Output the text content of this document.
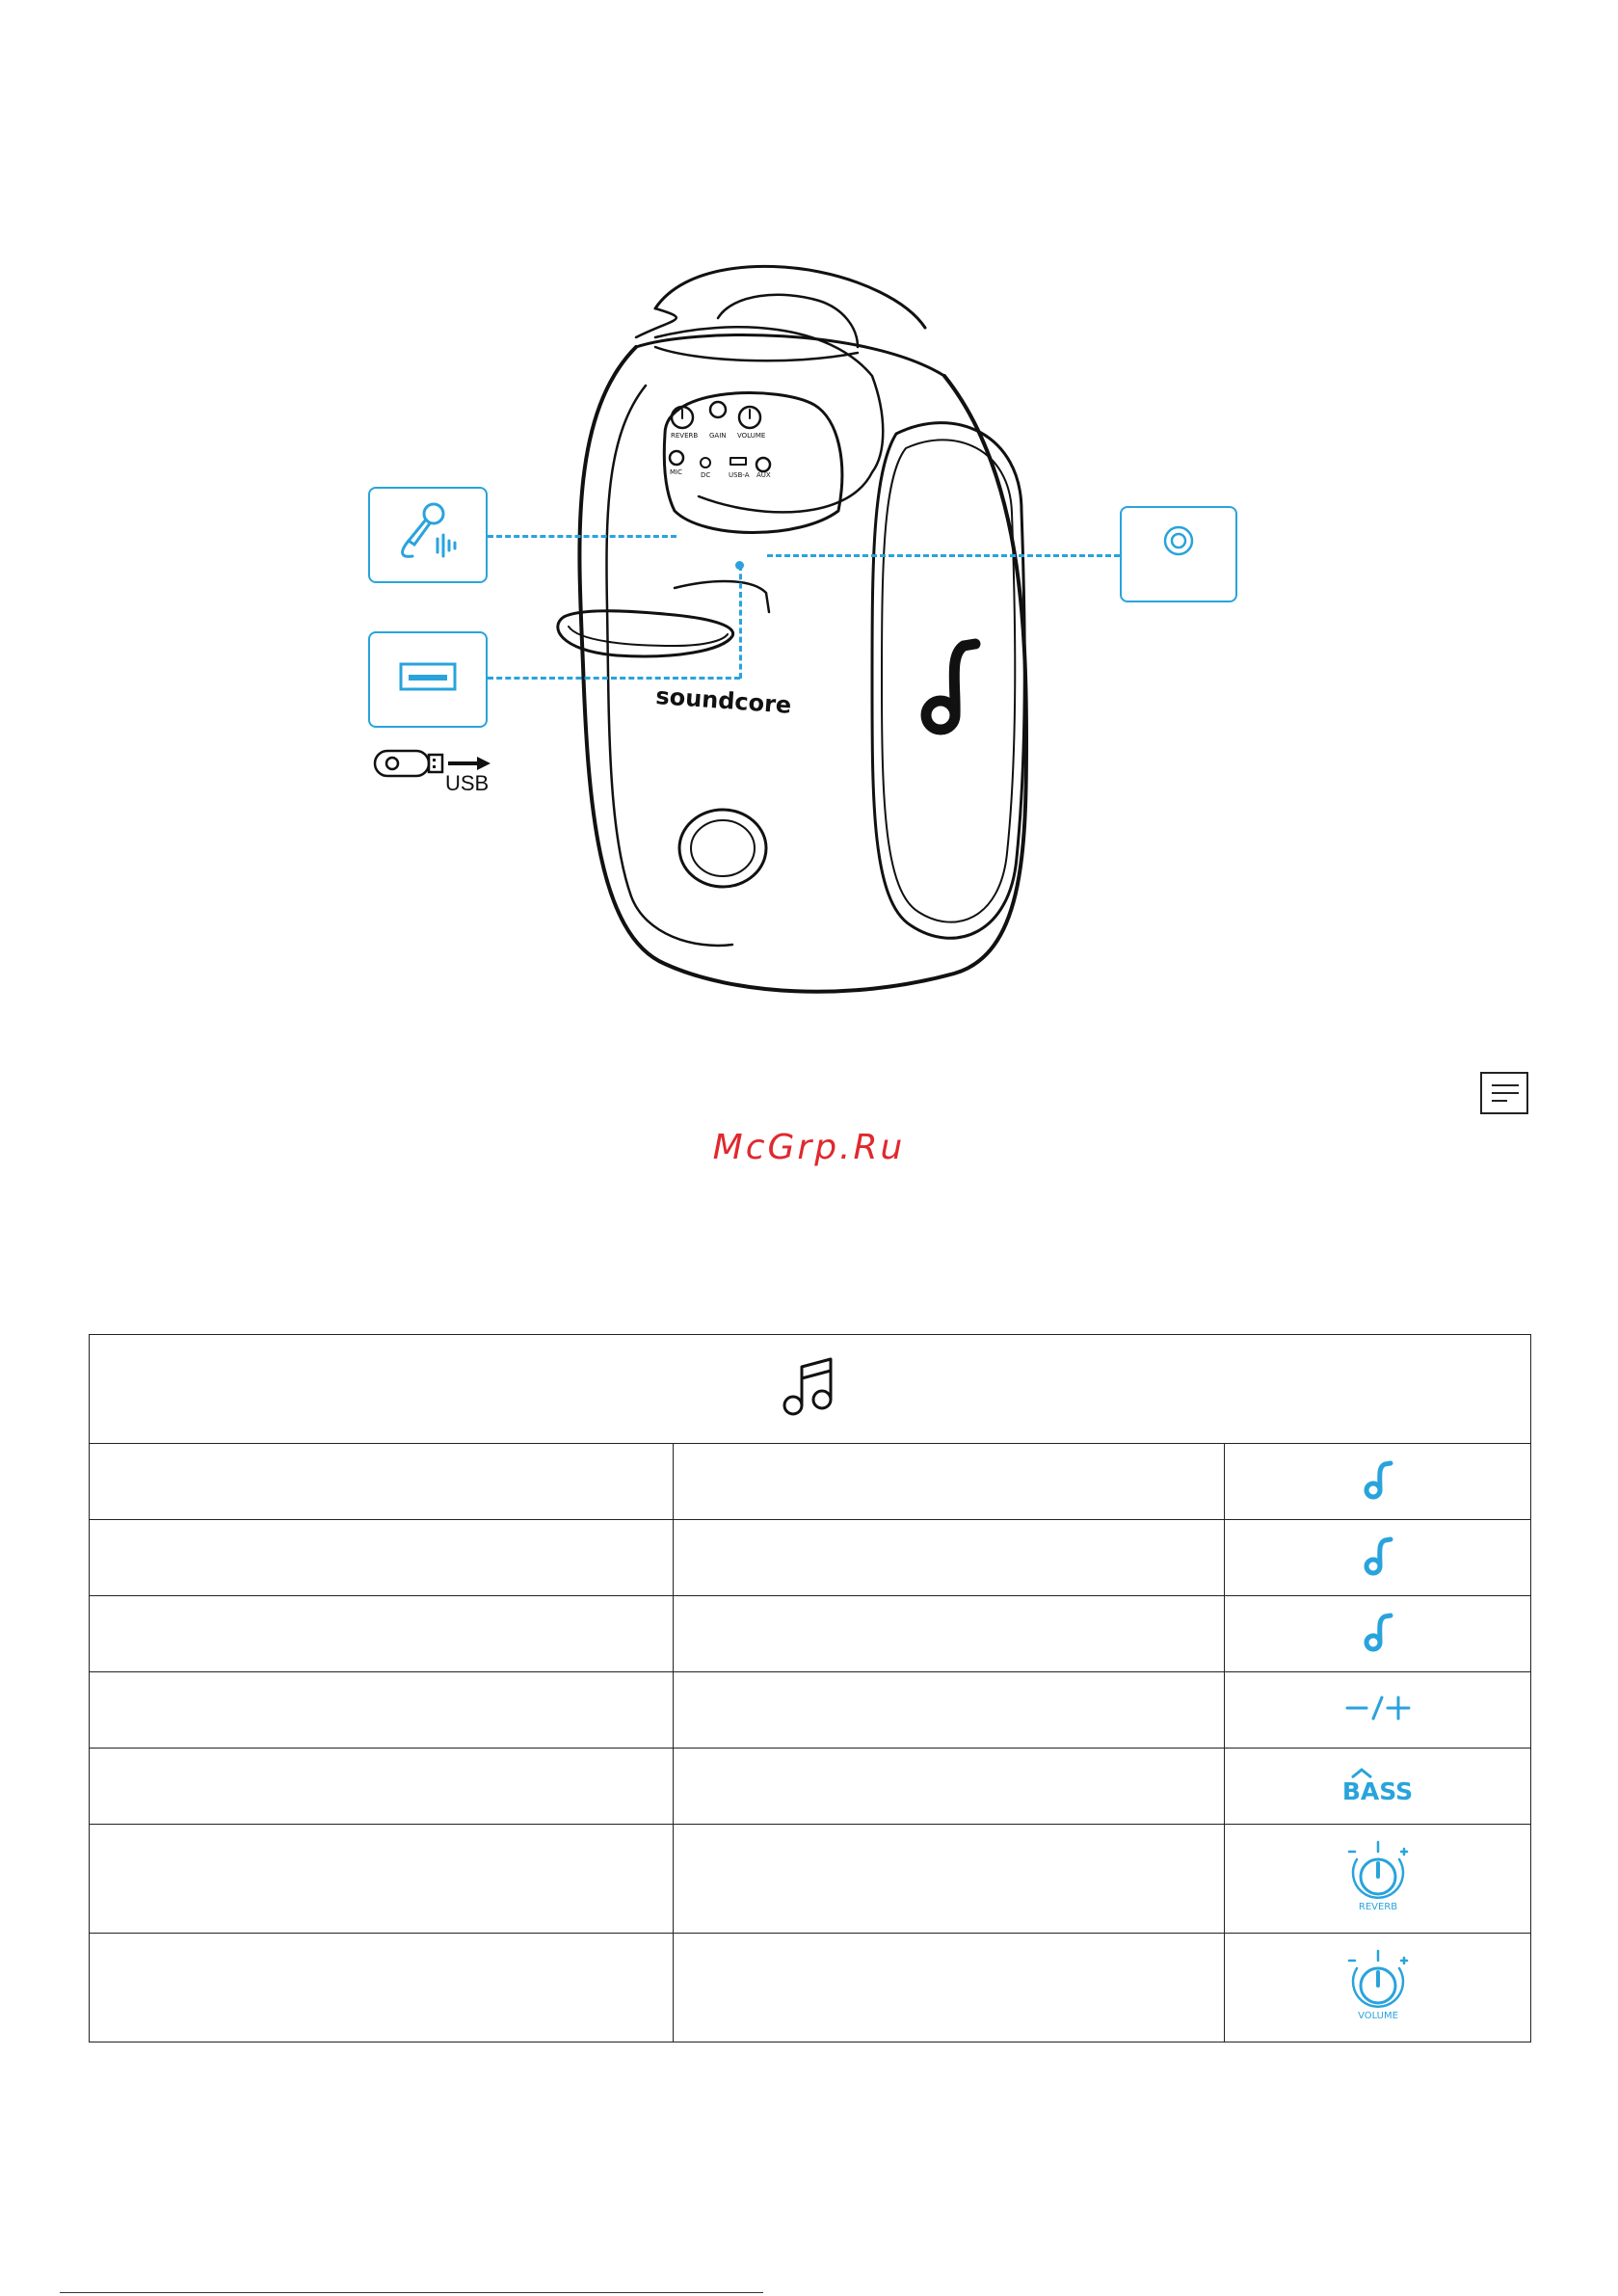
REVERB GAIN VOLUME
MIC	DC	USB-A AUX
soundcore
USB
McGrp.Ru

BASS

REVERB

VOLUME
